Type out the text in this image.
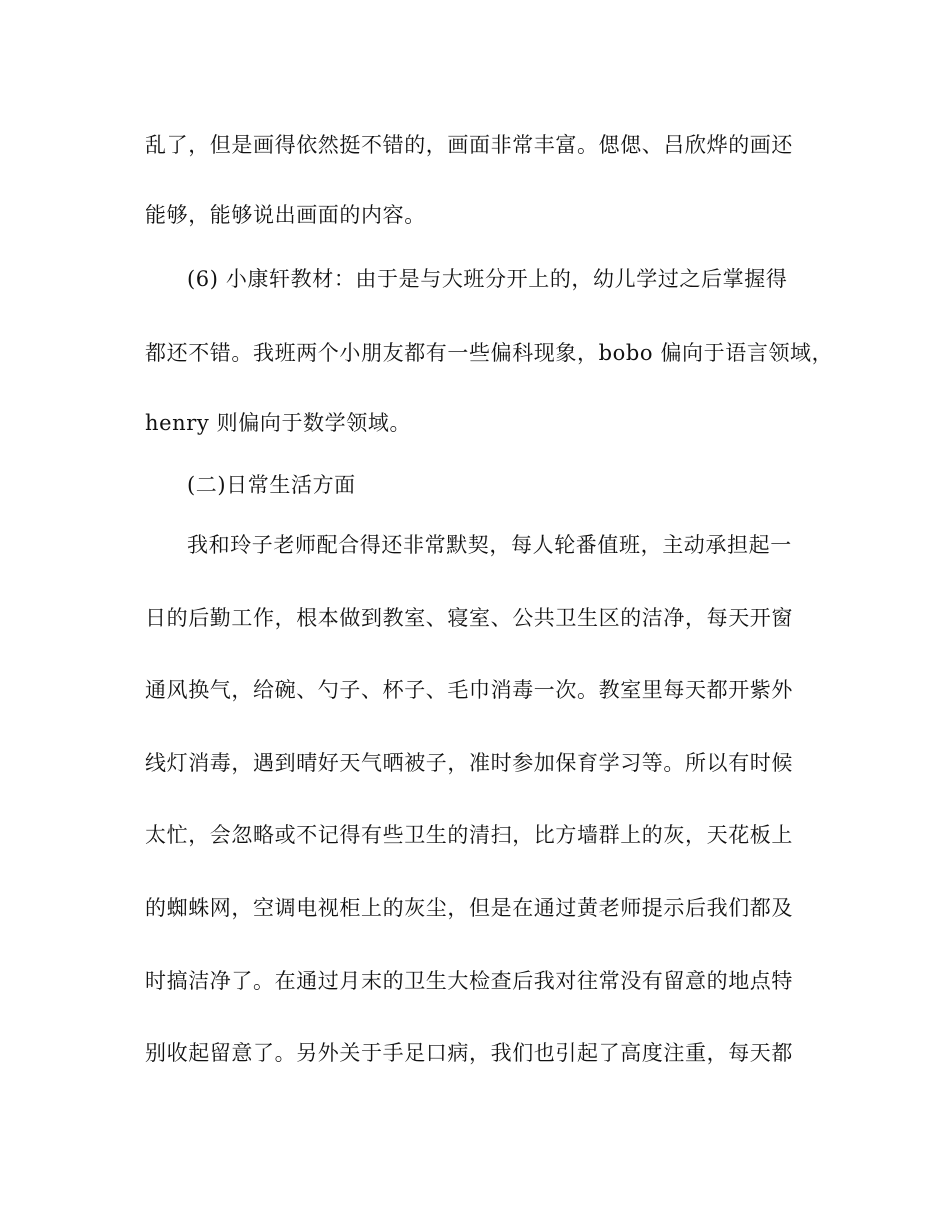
乱了，但是画得依然挺不错的，画面非常丰富。偲偲、吕欣烨的画还
能够，能够说出画面的内容。
(6) 小康轩教材：由于是与大班分开上的，幼儿学过之后掌握得
都还不错。我班两个小朋友都有一些偏科现象，bobo 偏向于语言领域，
henry 则偏向于数学领域。
(二)日常生活方面
我和玲子老师配合得还非常默契，每人轮番值班，主动承担起一
日的后勤工作，根本做到教室、寝室、公共卫生区的洁净，每天开窗
通风换气，给碗、勺子、杯子、毛巾消毒一次。教室里每天都开紫外
线灯消毒，遇到晴好天气晒被子，准时参加保育学习等。所以有时候
太忙，会忽略或不记得有些卫生的清扫，比方墙群上的灰，天花板上
的蜘蛛网，空调电视柜上的灰尘，但是在通过黄老师提示后我们都及
时搞洁净了。在通过月末的卫生大检查后我对往常没有留意的地点特
别收起留意了。另外关于手足口病，我们也引起了高度注重，每天都
